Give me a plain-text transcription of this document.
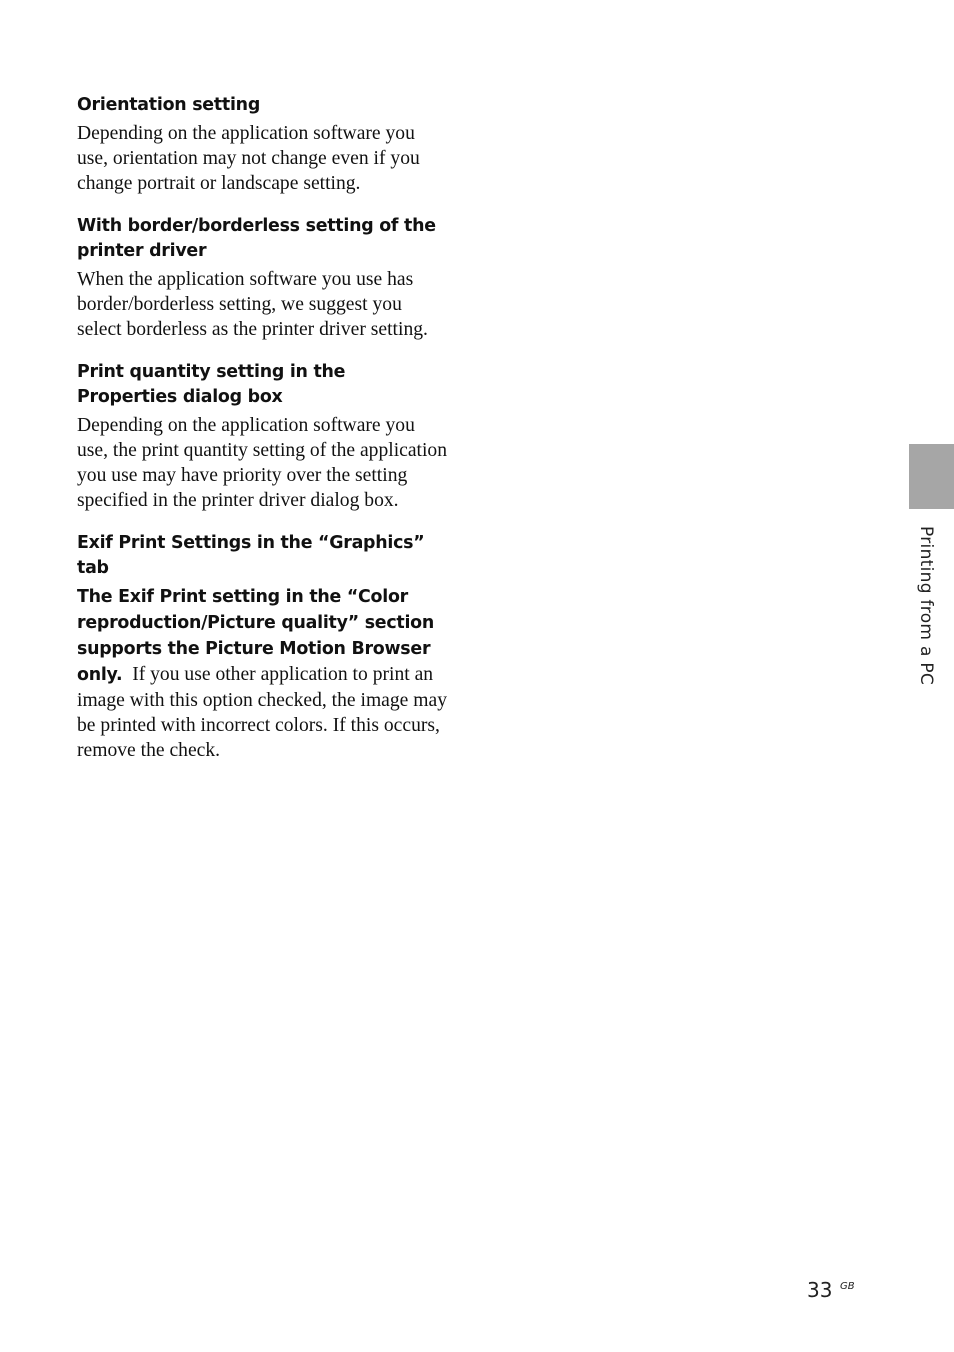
Orientation setting

Depending on the application software you use, orientation may not change even if you change portrait or landscape setting.

With border/borderless setting of the printer driver

When the application software you use has border/borderless setting, we suggest you select borderless as the printer driver setting.

Print quantity setting in the Properties dialog box

Depending on the application software you use, the print quantity setting of the application you use may have priority over the setting specified in the printer driver dialog box.

Exif Print Settings in the “Graphics” tab

The Exif Print setting in the “Color reproduction/Picture quality” section supports the Picture Motion Browser only. If you use other application to print an image with this option checked, the image may be printed with incorrect colors. If this occurs, remove the check.

Printing from a PC
33 GB
